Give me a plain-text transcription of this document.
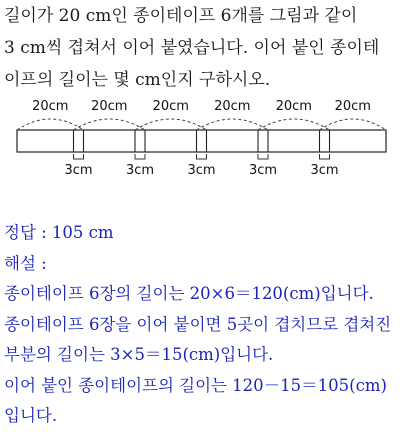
길이가 20 cm인 종이테이프 6개를 그림과 같이
3 cm씩 겹쳐서 이어 붙였습니다. 이어 붙인 종이테
이프의 길이는 몇 cm인지 구하시오.
20cm 20cm 20cm 20cm 20cm 20cm
3cm	3cm	3cm	3cm	3cm
정답 : 105 cm
해설 :
종이테이프 6장의 길이는 20×6＝120(cm)입니다.
종이테이프 6장을 이어 붙이면 5곳이 겹치므로 겹쳐진
부분의 길이는 3×5＝15(cm)입니다.
이어 붙인 종이테이프의 길이는 120－15＝105(cm)
입니다.
